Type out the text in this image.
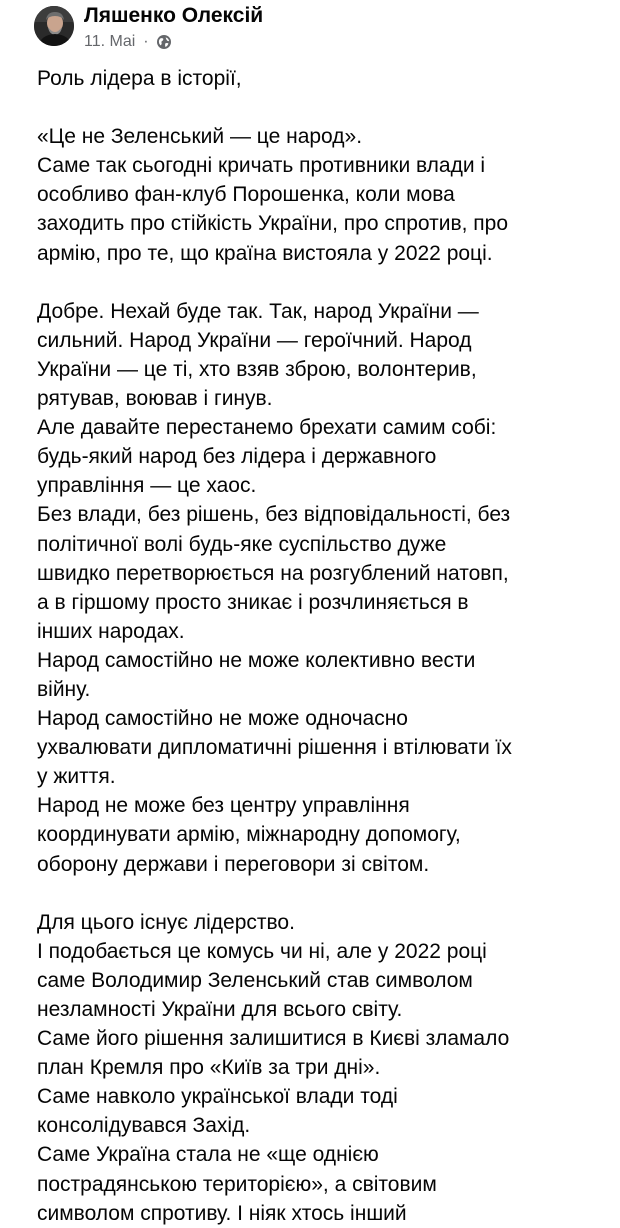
Ляшенко Олексій
11. Mai ·

Роль лідера в історії,

«Це не Зеленський — це народ».
Саме так сьогодні кричать противники влади і
особливо фан-клуб Порошенка, коли мова
заходить про стійкість України, про спротив, про
армію, про те, що країна вистояла у 2022 році.

Добре. Нехай буде так. Так, народ України —
сильний. Народ України — героїчний. Народ
України — це ті, хто взяв зброю, волонтерив,
рятував, воював і гинув.
Але давайте перестанемо брехати самим собі:
будь-який народ без лідера і державного
управління — це хаос.
Без влади, без рішень, без відповідальності, без
політичної волі будь-яке суспільство дуже
швидко перетворюється на розгублений натовп,
а в гіршому просто зникає і розчлиняється в
інших народах.
Народ самостійно не може колективно вести
війну.
Народ самостійно не може одночасно
ухвалювати дипломатичні рішення і втілювати їх
у життя.
Народ не може без центру управління
координувати армію, міжнародну допомогу,
оборону держави і переговори зі світом.

Для цього існує лідерство.
І подобається це комусь чи ні, але у 2022 році
саме Володимир Зеленський став символом
незламності України для всього світу.
Саме його рішення залишитися в Києві зламало
план Кремля про «Київ за три дні».
Саме навколо української влади тоді
консолідувався Захід.
Саме Україна стала не «ще однією
пострадянською територією», а світовим
символом спротиву. І ніяк хтось інший
